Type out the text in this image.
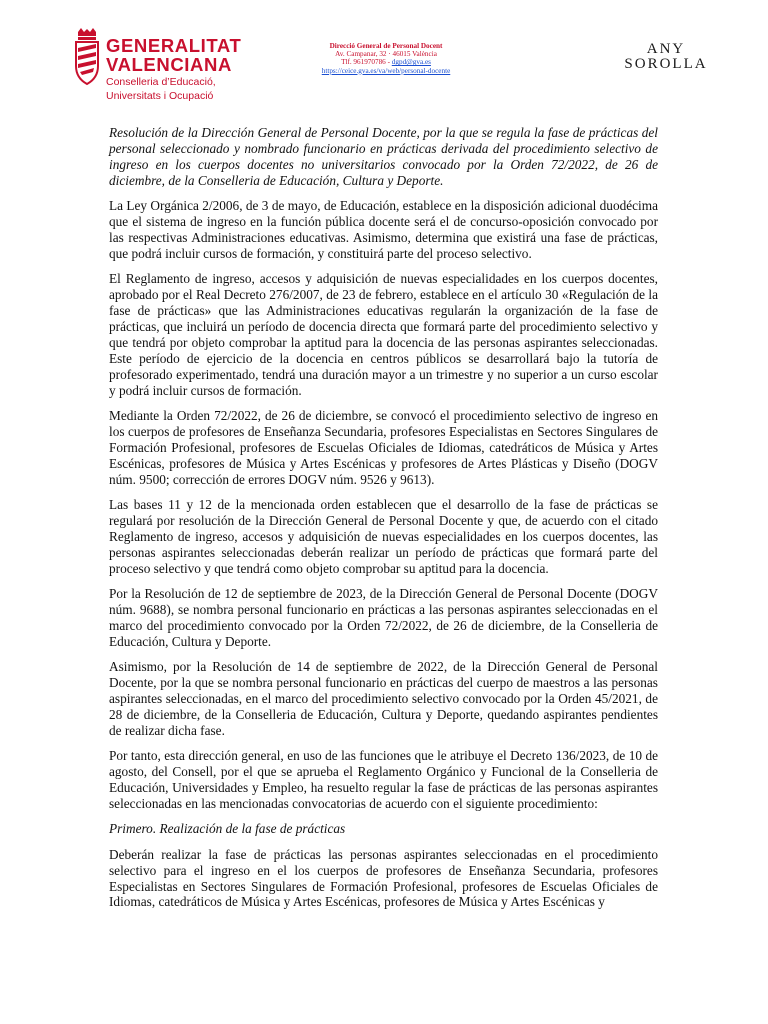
GENERALITAT
VALENCIANA
Conselleria d’Educació,
Universitats i Ocupació
Direcció General de Personal Docent
Av. Campanar, 32 · 46015 València
Tlf. 961970786 - dgpd@gva.es
https://ceice.gva.es/va/web/personal-docente
ANY
SOROLLA

Resolución de la Dirección General de Personal Docente, por la que se regula la fase de prácticas del personal seleccionado y nombrado funcionario en prácticas derivada del procedimiento selectivo de ingreso en los cuerpos docentes no universitarios convocado por la Orden 72/2022, de 26 de diciembre, de la Conselleria de Educación, Cultura y Deporte.

La Ley Orgánica 2/2006, de 3 de mayo, de Educación, establece en la disposición adicional duodécima que el sistema de ingreso en la función pública docente será el de concurso-oposición convocado por las respectivas Administraciones educativas. Asimismo, determina que existirá una fase de prácticas, que podrá incluir cursos de formación, y constituirá parte del proceso selectivo.

El Reglamento de ingreso, accesos y adquisición de nuevas especialidades en los cuerpos docentes, aprobado por el Real Decreto 276/2007, de 23 de febrero, establece en el artículo 30 «Regulación de la fase de prácticas» que las Administraciones educativas regularán la organización de la fase de prácticas, que incluirá un período de docencia directa que formará parte del procedimiento selectivo y que tendrá por objeto comprobar la aptitud para la docencia de las personas aspirantes seleccionadas. Este período de ejercicio de la docencia en centros públicos se desarrollará bajo la tutoría de profesorado experimentado, tendrá una duración mayor a un trimestre y no superior a un curso escolar y podrá incluir cursos de formación.

Mediante la Orden 72/2022, de 26 de diciembre, se convocó el procedimiento selectivo de ingreso en los cuerpos de profesores de Enseñanza Secundaria, profesores Especialistas en Sectores Singulares de Formación Profesional, profesores de Escuelas Oficiales de Idiomas, catedráticos de Música y Artes Escénicas, profesores de Música y Artes Escénicas y profesores de Artes Plásticas y Diseño (DOGV núm. 9500; corrección de errores DOGV núm. 9526 y 9613).

Las bases 11 y 12 de la mencionada orden establecen que el desarrollo de la fase de prácticas se regulará por resolución de la Dirección General de Personal Docente y que, de acuerdo con el citado Reglamento de ingreso, accesos y adquisición de nuevas especialidades en los cuerpos docentes, las personas aspirantes seleccionadas deberán realizar un período de prácticas que formará parte del proceso selectivo y que tendrá como objeto comprobar su aptitud para la docencia.

Por la Resolución de 12 de septiembre de 2023, de la Dirección General de Personal Docente (DOGV núm. 9688), se nombra personal funcionario en prácticas a las personas aspirantes seleccionadas en el marco del procedimiento convocado por la Orden 72/2022, de 26 de diciembre, de la Conselleria de Educación, Cultura y Deporte.

Asimismo, por la Resolución de 14 de septiembre de 2022, de la Dirección General de Personal Docente, por la que se nombra personal funcionario en prácticas del cuerpo de maestros a las personas aspirantes seleccionadas, en el marco del procedimiento selectivo convocado por la Orden 45/2021, de 28 de diciembre, de la Conselleria de Educación, Cultura y Deporte, quedando aspirantes pendientes de realizar dicha fase.

Por tanto, esta dirección general, en uso de las funciones que le atribuye el Decreto 136/2023, de 10 de agosto, del Consell, por el que se aprueba el Reglamento Orgánico y Funcional de la Conselleria de Educación, Universidades y Empleo, ha resuelto regular la fase de prácticas de las personas aspirantes seleccionadas en las mencionadas convocatorias de acuerdo con el siguiente procedimiento:

Primero. Realización de la fase de prácticas

Deberán realizar la fase de prácticas las personas aspirantes seleccionadas en el procedimiento selectivo para el ingreso en el los cuerpos de profesores de Enseñanza Secundaria, profesores Especialistas en Sectores Singulares de Formación Profesional, profesores de Escuelas Oficiales de Idiomas, catedráticos de Música y Artes Escénicas, profesores de Música y Artes Escénicas y
